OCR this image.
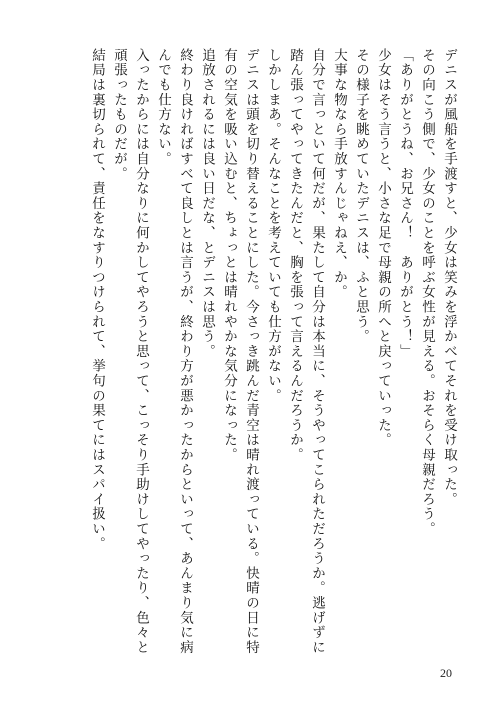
デニスが風船を手渡すと、少女は笑みを浮かべてそれを受け取った。

その向こう側で、少女のことを呼ぶ女性が見える。おそらく母親だろう。

「ありがとうね、お兄さん！　ありがとう！」

少女はそう言うと、小さな足で母親の所へと戻っていった。

その様子を眺めていたデニスは、ふと思う。

大事な物なら手放すんじゃねえ、か。

自分で言っといて何だが、果たして自分は本当に、そうやってこられただろうか。逃げずに踏ん張ってやってきたんだと、胸を張って言えるんだろうか。

しかしまあ。そんなことを考えていても仕方がない。

デニスは頭を切り替えることにした。今さっき跳んだ青空は晴れ渡っている。快晴の日に特有の空気を吸い込むと、ちょっとは晴れやかな気分になった。

追放されるには良い日だな、とデニスは思う。

終わり良ければすべて良しとは言うが、終わり方が悪かったからといって、あんまり気に病んでも仕方ない。

入ったからには自分なりに何かしてやろうと思って、こっそり手助けしてやったり、色々と頑張ったものだが。

結局は裏切られて、責任をなすりつけられて、挙句の果てにはスパイ扱い。

20
